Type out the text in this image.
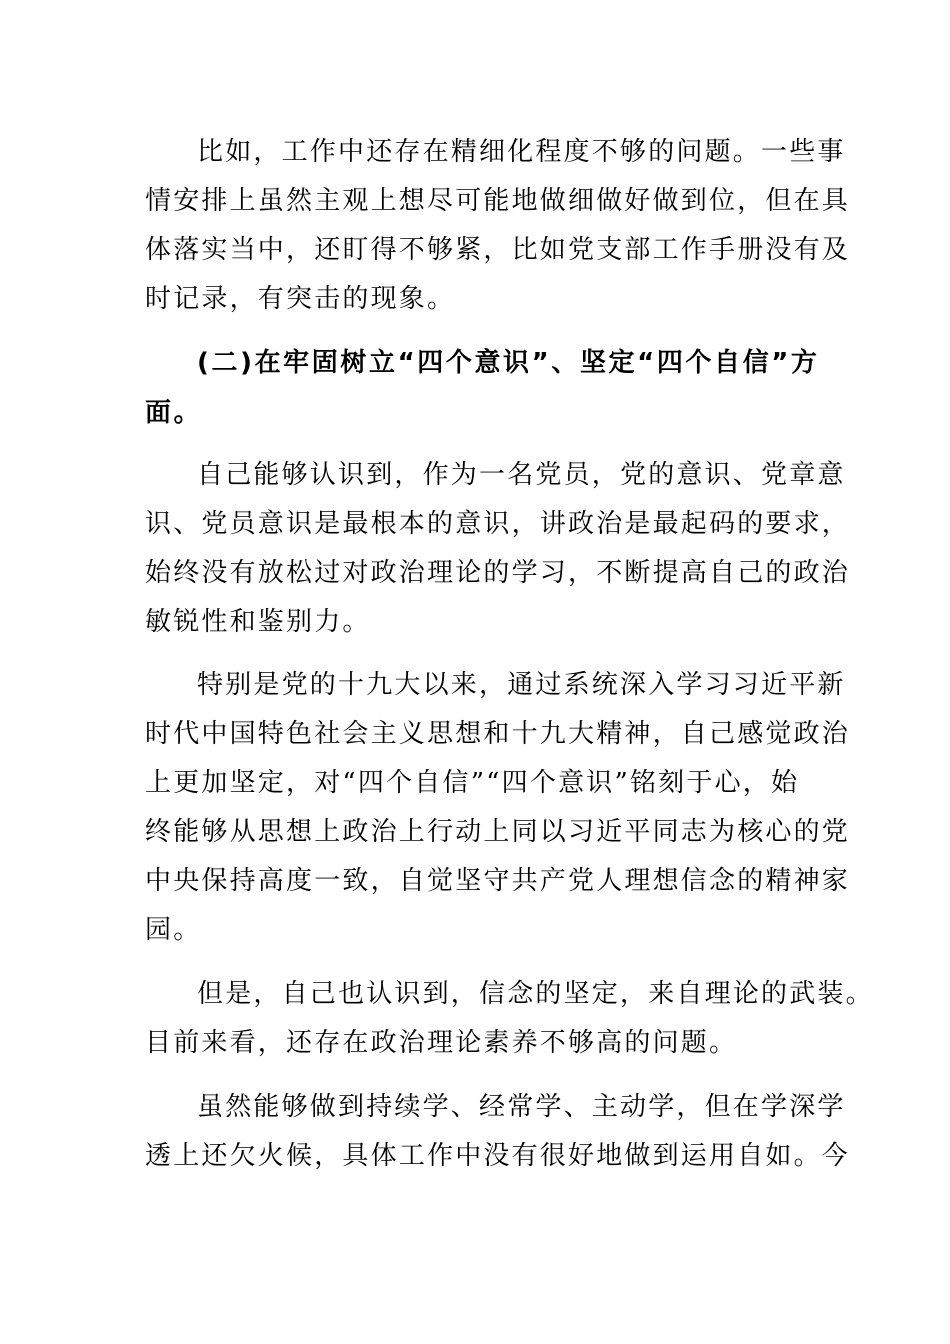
比如，工作中还存在精细化程度不够的问题。一些事
情安排上虽然主观上想尽可能地做细做好做到位，但在具
体落实当中，还盯得不够紧，比如党支部工作手册没有及
时记录，有突击的现象。
(二)在牢固树立“四个意识”、坚定“四个自信”方
面。
自己能够认识到，作为一名党员，党的意识、党章意
识、党员意识是最根本的意识，讲政治是最起码的要求，
始终没有放松过对政治理论的学习，不断提高自己的政治
敏锐性和鉴别力。
特别是党的十九大以来，通过系统深入学习习近平新
时代中国特色社会主义思想和十九大精神，自己感觉政治
上更加坚定，对“四个自信”“四个意识”铭刻于心，始
终能够从思想上政治上行动上同以习近平同志为核心的党
中央保持高度一致，自觉坚守共产党人理想信念的精神家
园。
但是，自己也认识到，信念的坚定，来自理论的武装。
目前来看，还存在政治理论素养不够高的问题。
虽然能够做到持续学、经常学、主动学，但在学深学
透上还欠火候，具体工作中没有很好地做到运用自如。今
